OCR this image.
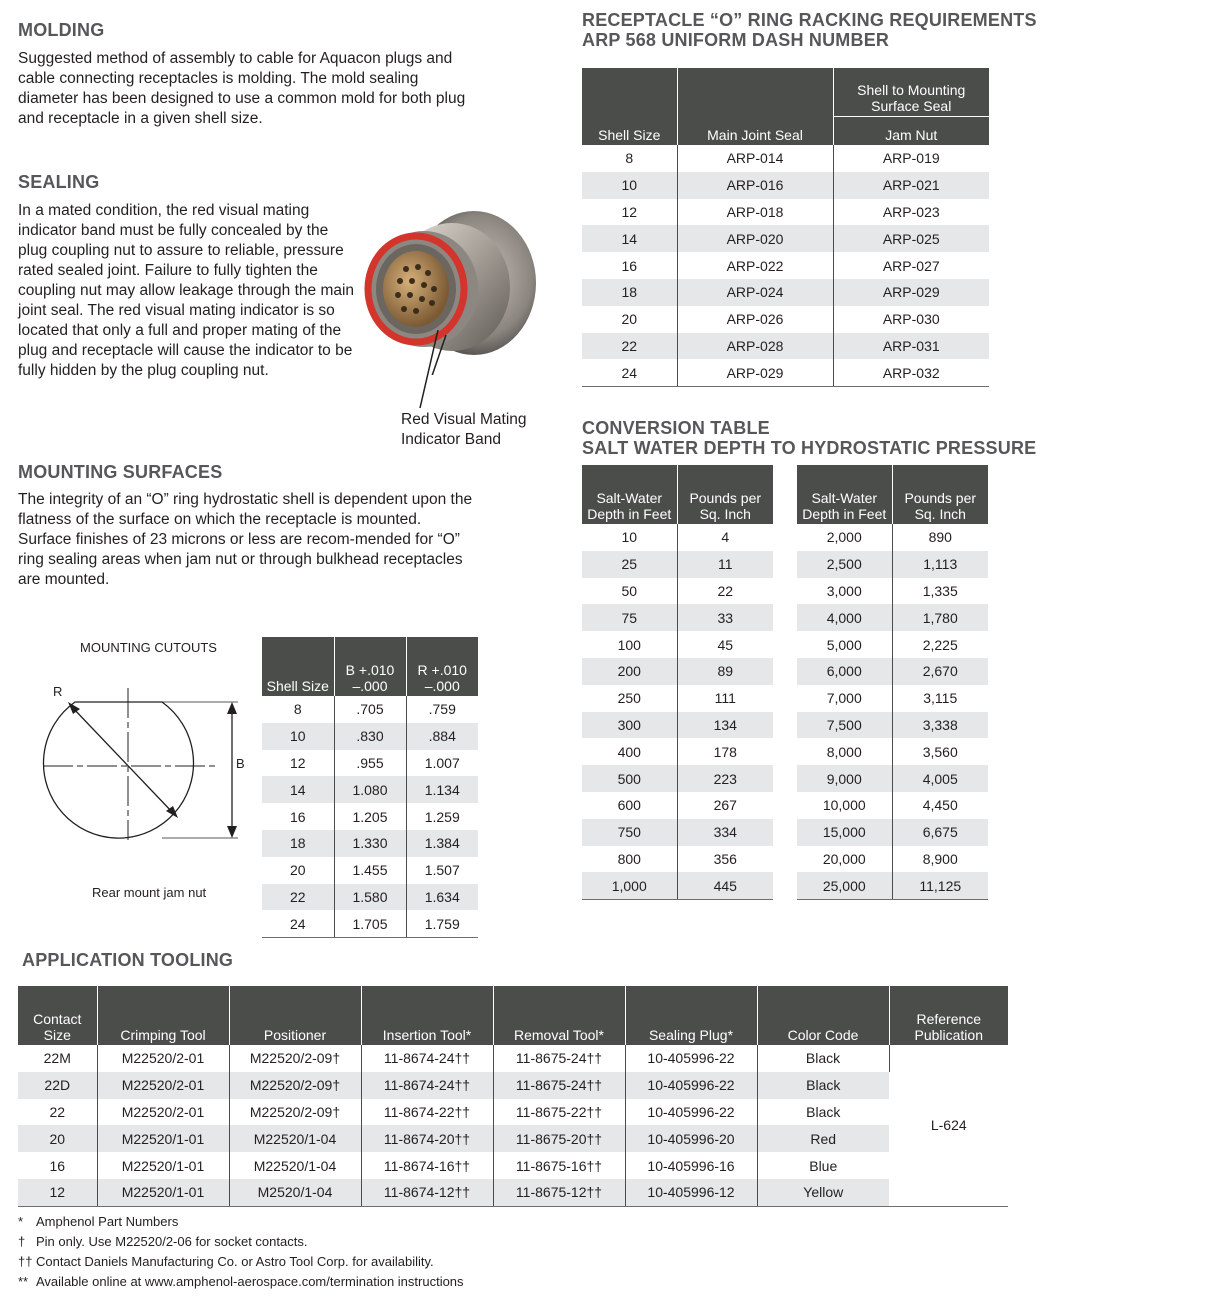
MOLDING

Suggested method of assembly to cable for Aquacon plugs and cable connecting receptacles is molding. The mold sealing diameter has been designed to use a common mold for both plug and receptacle in a given shell size.

SEALING

In a mated condition, the red visual mating indicator band must be fully concealed by the plug coupling nut to assure to reliable, pressure rated sealed joint. Failure to fully tighten the coupling nut may allow leakage through the main joint seal. The red visual mating indicator is so located that only a full and proper mating of the plug and receptacle will cause the indicator to be fully hidden by the plug coupling nut.

Red Visual Mating
Indicator Band
MOUNTING SURFACES

The integrity of an “O” ring hydrostatic shell is dependent upon the flatness of the surface on which the receptacle is mounted. Surface finishes of 23 microns or less are recom-mended for “O” ring sealing areas when jam nut or through bulkhead receptacles are mounted.

MOUNTING CUTOUTS
R
B
Rear mount jam nut
Shell Size	B +.010 –.000	R +.010 –.000
8	.705	.759
10	.830	.884
12	.955	1.007
14	1.080	1.134
16	1.205	1.259
18	1.330	1.384
20	1.455	1.507
22	1.580	1.634
24	1.705	1.759
RECEPTACLE “O” RING RACKING REQUIREMENTS
ARP 568 UNIFORM DASH NUMBER
Shell Size	Main Joint Seal	Shell to Mounting Surface Seal
		Jam Nut
8	ARP-014	ARP-019
10	ARP-016	ARP-021
12	ARP-018	ARP-023
14	ARP-020	ARP-025
16	ARP-022	ARP-027
18	ARP-024	ARP-029
20	ARP-026	ARP-030
22	ARP-028	ARP-031
24	ARP-029	ARP-032
CONVERSION TABLE
SALT WATER DEPTH TO HYDROSTATIC PRESSURE
Salt-Water Depth in Feet	Pounds per Sq. Inch
10	4
25	11
50	22
75	33
100	45
200	89
250	111
300	134
400	178
500	223
600	267
750	334
800	356
1,000	445
Salt-Water Depth in Feet	Pounds per Sq. Inch
2,000	890
2,500	1,113
3,000	1,335
4,000	1,780
5,000	2,225
6,000	2,670
7,000	3,115
7,500	3,338
8,000	3,560
9,000	4,005
10,000	4,450
15,000	6,675
20,000	8,900
25,000	11,125
APPLICATION TOOLING
Contact Size	Crimping Tool	Positioner	Insertion Tool*	Removal Tool*	Sealing Plug*	Color Code	Reference Publication
22M	M22520/2-01	M22520/2-09†	11-8674-24††	11-8675-24††	10-405996-22	Black	L-624
22D	M22520/2-01	M22520/2-09†	11-8674-24††	11-8675-24††	10-405996-22	Black	
22	M22520/2-01	M22520/2-09†	11-8674-22††	11-8675-22††	10-405996-22	Black	
20	M22520/1-01	M22520/1-04	11-8674-20††	11-8675-20††	10-405996-20	Red	
16	M22520/1-01	M22520/1-04	11-8674-16††	11-8675-16††	10-405996-16	Blue	
12	M22520/1-01	M2520/1-04	11-8674-12††	11-8675-12††	10-405996-12	Yellow	
* Amphenol Part Numbers
† Pin only. Use M22520/2-06 for socket contacts.
†† Contact Daniels Manufacturing Co. or Astro Tool Corp. for availability.
** Available online at www.amphenol-aerospace.com/termination instructions
